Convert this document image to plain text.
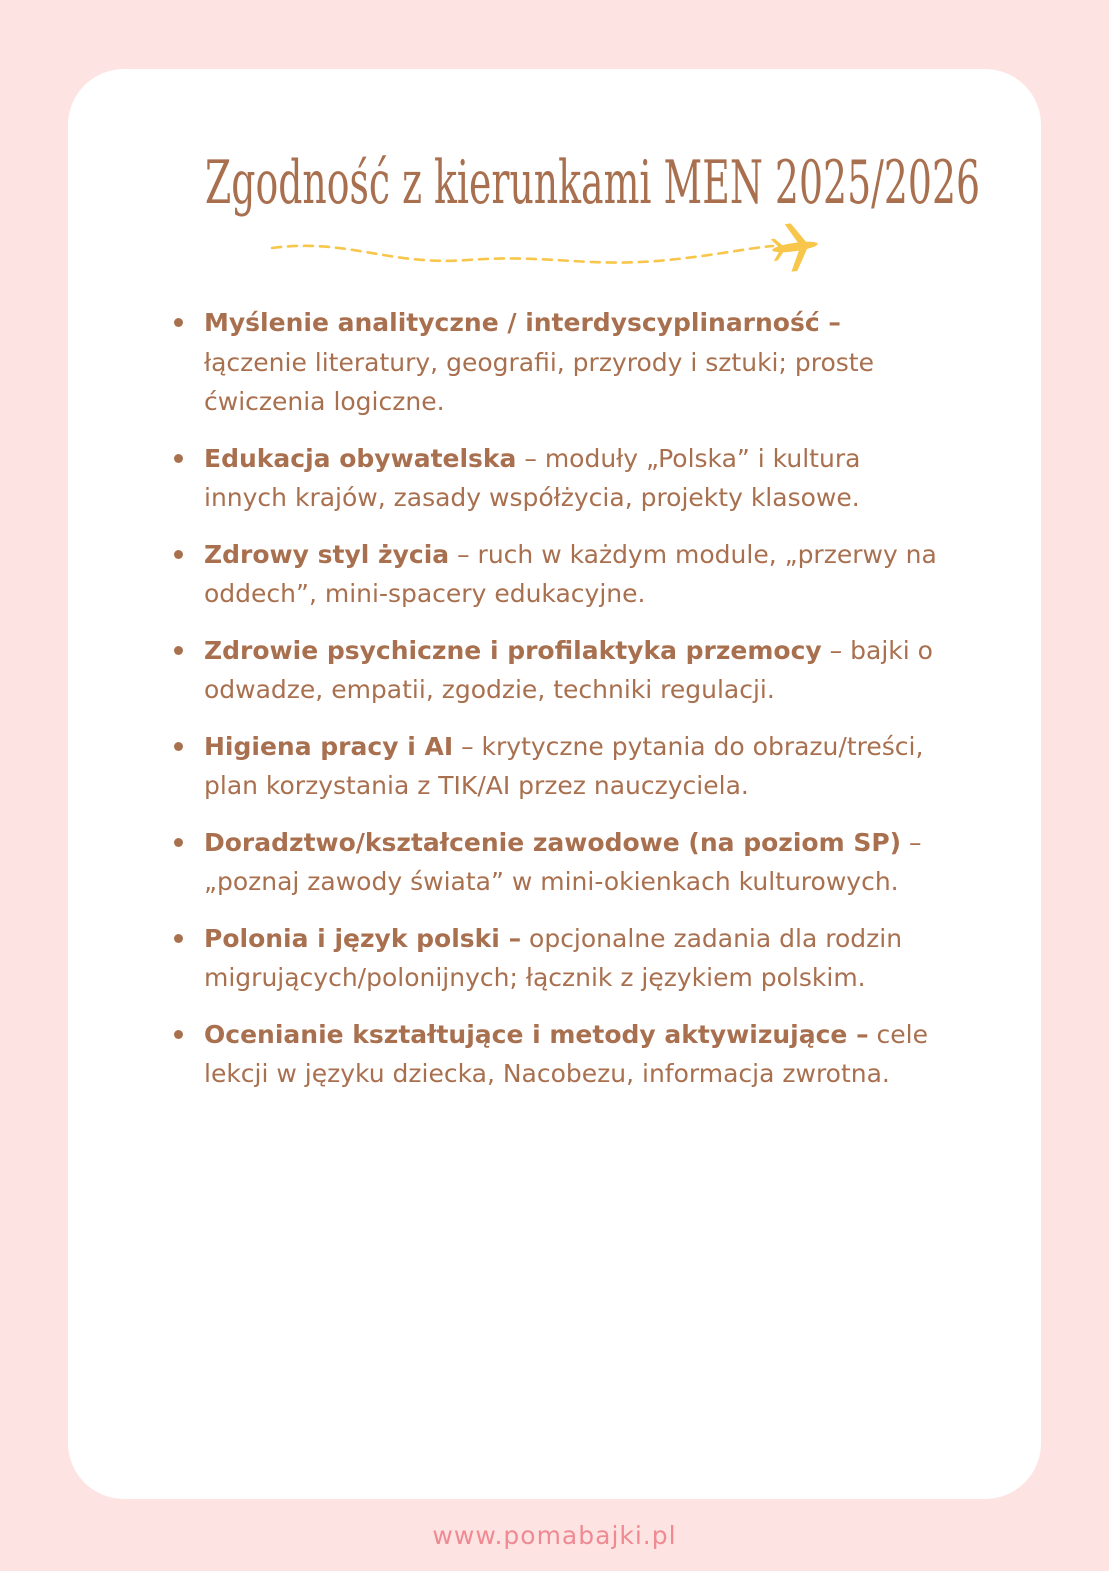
Zgodność z kierunkami MEN 2025/2026
Myślenie analityczne / interdyscyplinarność – łączenie literatury, geografii, przyrody i sztuki; proste ćwiczenia logiczne.
Edukacja obywatelska – moduły „Polska” i kultura innych krajów, zasady współżycia, projekty klasowe.
Zdrowy styl życia – ruch w każdym module, „przerwy na oddech”, mini-spacery edukacyjne.
Zdrowie psychiczne i profilaktyka przemocy – bajki o odwadze, empatii, zgodzie, techniki regulacji.
Higiena pracy i AI – krytyczne pytania do obrazu/treści, plan korzystania z TIK/AI przez nauczyciela.
Doradztwo/kształcenie zawodowe (na poziom SP) – „poznaj zawody świata” w mini-okienkach kulturowych.
Polonia i język polski – opcjonalne zadania dla rodzin migrujących/polonijnych; łącznik z językiem polskim.
Ocenianie kształtujące i metody aktywizujące – cele lekcji w języku dziecka, Nacobezu, informacja zwrotna.
www.pomabajki.pl
